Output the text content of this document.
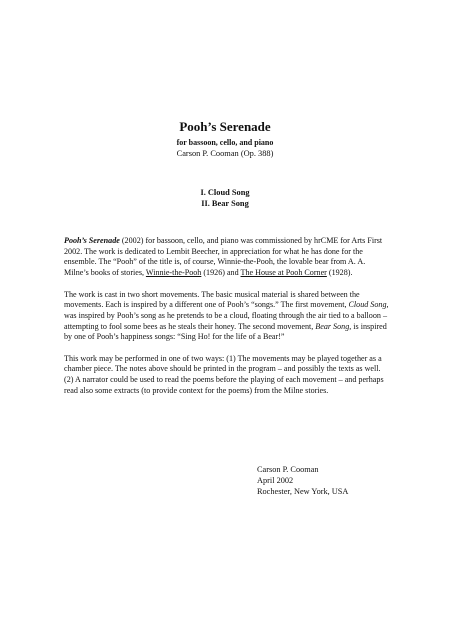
Pooh’s Serenade
for bassoon, cello, and piano
Carson P. Cooman (Op. 388)
I. Cloud Song
II. Bear Song

Pooh’s Serenade (2002) for bassoon, cello, and piano was commissioned by hrCME for Arts First 2002. The work is dedicated to Lembit Beecher, in appreciation for what he has done for the ensemble. The “Pooh” of the title is, of course, Winnie-the-Pooh, the lovable bear from A. A. Milne’s books of stories, Winnie-the-Pooh (1926) and The House at Pooh Corner (1928).

The work is cast in two short movements. The basic musical material is shared between the movements. Each is inspired by a different one of Pooh’s “songs.” The first movement, Cloud Song, was inspired by Pooh’s song as he pretends to be a cloud, floating through the air tied to a balloon – attempting to fool some bees as he steals their honey. The second movement, Bear Song, is inspired by one of Pooh’s happiness songs: “Sing Ho! for the life of a Bear!”

This work may be performed in one of two ways: (1) The movements may be played together as a chamber piece. The notes above should be printed in the program – and possibly the texts as well. (2) A narrator could be used to read the poems before the playing of each movement – and perhaps read also some extracts (to provide context for the poems) from the Milne stories.

Carson P. Cooman
April 2002
Rochester, New York, USA
